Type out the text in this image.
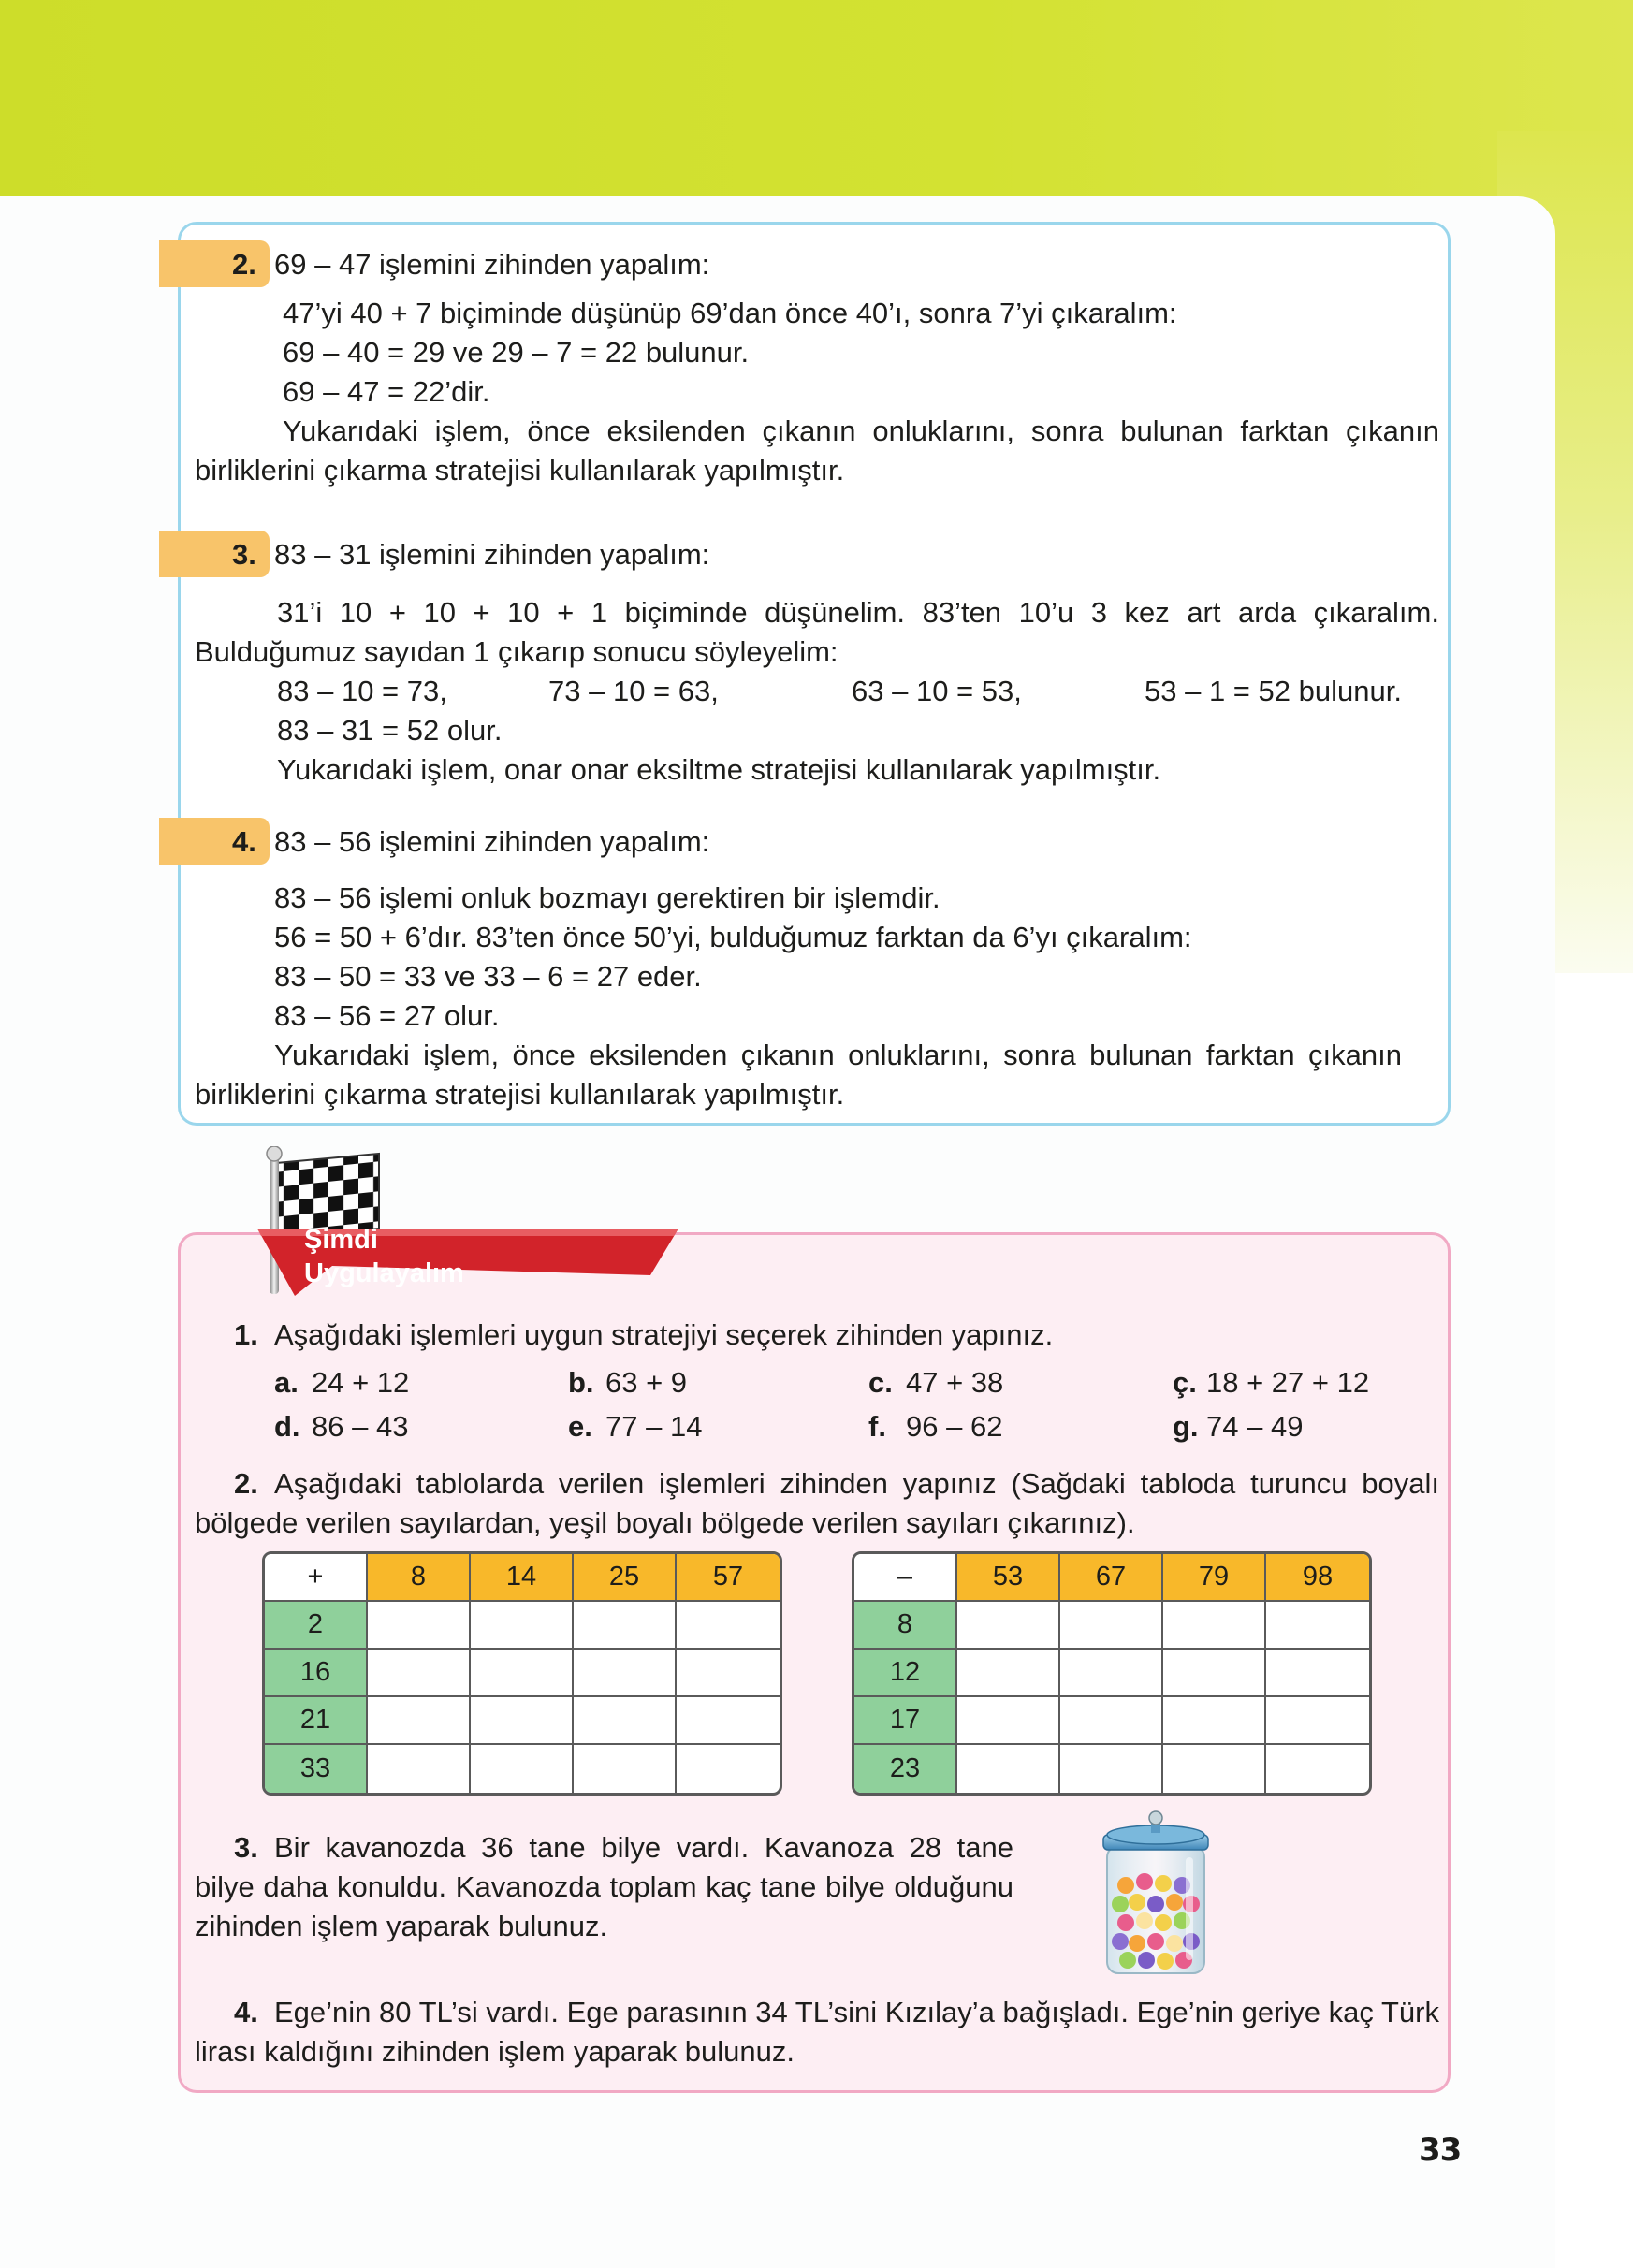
2. 69 – 47 işlemini zihinden yapalım:
47’yi 40 + 7 biçiminde düşünüp 69’dan önce 40’ı, sonra 7’yi çıkaralım:
69 – 40 = 29 ve 29 – 7 = 22 bulunur.
69 – 47 = 22’dir.
Yukarıdaki işlem, önce eksilenden çıkanın onluklarını, sonra bulunan farktan çıkanın birliklerini çıkarma stratejisi kullanılarak yapılmıştır.
3. 83 – 31 işlemini zihinden yapalım:
31’i 10 + 10 + 10 + 1 biçiminde düşünelim. 83’ten 10’u 3 kez art arda çıkaralım. Bulduğumuz sayıdan 1 çıkarıp sonucu söyleyelim:
83 – 10 = 73,	73 – 10 = 63,	63 – 10 = 53,	53 – 1 = 52 bulunur.
83 – 31 = 52 olur.
Yukarıdaki işlem, onar onar eksiltme stratejisi kullanılarak yapılmıştır.
4. 83 – 56 işlemini zihinden yapalım:
83 – 56 işlemi onluk bozmayı gerektiren bir işlemdir.
56 = 50 + 6’dır. 83’ten önce 50’yi, bulduğumuz farktan da 6’yı çıkaralım:
83 – 50 = 33 ve 33 – 6 = 27 eder.
83 – 56 = 27 olur.
Yukarıdaki işlem, önce eksilenden çıkanın onluklarını, sonra bulunan farktan çıkanın birliklerini çıkarma stratejisi kullanılarak yapılmıştır.
Şimdi
Uygulayalım
1. Aşağıdaki işlemleri uygun stratejiyi seçerek zihinden yapınız.
a. 24 + 12	b. 63 + 9	c. 47 + 38	ç. 18 + 27 + 12
d. 86 – 43	e. 77 – 14	f. 96 – 62	g. 74 – 49
2. Aşağıdaki tablolarda verilen işlemleri zihinden yapınız (Sağdaki tabloda turuncu boyalı bölgede verilen sayılardan, yeşil boyalı bölgede verilen sayıları çıkarınız).
+	8	14	25	57
2				
16				
21				
33				
–	53	67	79	98
8				
12				
17				
23				
3. Bir kavanozda 36 tane bilye vardı. Kavanoza 28 tane bilye daha konuldu. Kavanozda toplam kaç tane bilye olduğunu zihinden işlem yaparak bulunuz.
4. Ege’nin 80 TL’si vardı. Ege parasının 34 TL’sini Kızılay’a bağışladı. Ege’nin geriye kaç Türk lirası kaldığını zihinden işlem yaparak bulunuz.
33
